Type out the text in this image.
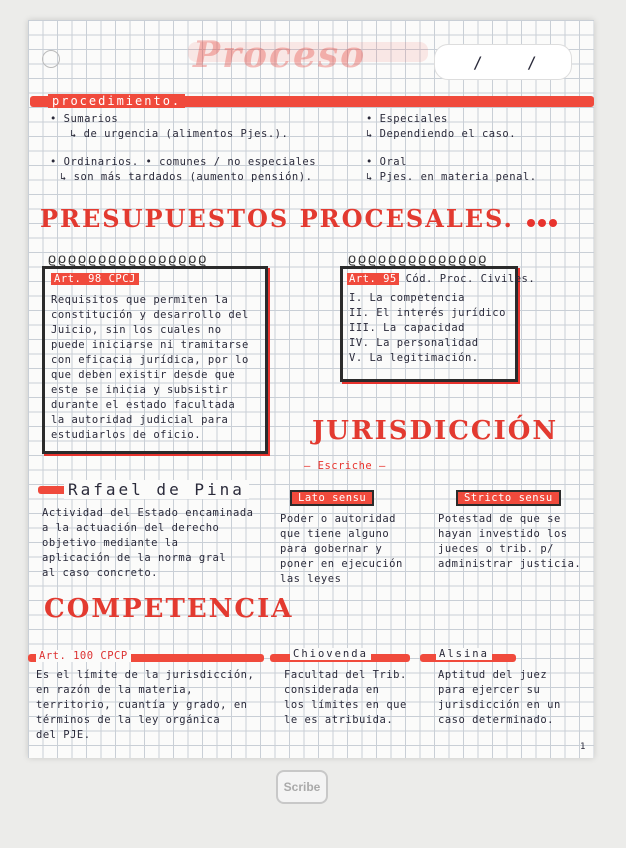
Proceso	/	/
procedimiento.
• Sumarios
↳ de urgencia (alimentos Pjes.).
• Ordinarios. • comunes / no especiales
↳ son más tardados (aumento pensión).
• Especiales
↳ Dependiendo el caso.
• Oral
↳ Pjes. en materia penal.
PRESUPUESTOS PROCESALES.
ϱϱϱϱϱϱϱϱϱϱϱϱϱϱϱϱ
Art. 98 CPCJ
Requisitos que permiten la
constitución y desarrollo del
Juicio, sin los cuales no
puede iniciarse ni tramitarse
con eficacia jurídica, por lo
que deben existir desde que
este se inicia y subsistir
durante el estado facultada
la autoridad judicial para
estudiarlos de oficio.
ϱϱϱϱϱϱϱϱϱϱϱϱϱϱ
Art. 95 Cód. Proc. Civiles.
I. La competencia
II. El interés jurídico
III. La capacidad
IV. La personalidad
V. La legitimación.
JURISDICCIÓN
— Escriche —
Lato sensu
Poder o autoridad
que tiene alguno
para gobernar y
poner en ejecución
las leyes
Stricto sensu
Potestad de que se
hayan investido los
jueces o trib. p/
administrar justicia.
Rafael de Pina
Actividad del Estado encaminada
a la actuación del derecho
objetivo mediante la
aplicación de la norma gral
al caso concreto.
COMPETENCIA
Art. 100 CPCP
Es el límite de la jurisdicción,
en razón de la materia,
territorio, cuantía y grado, en
términos de la ley orgánica
del PJE.
Chiovenda
Facultad del Trib.
considerada en
los límites en que
le es atribuida.
Alsina
Aptitud del juez
para ejercer su
jurisdicción en un
caso determinado.
1
Scribe
